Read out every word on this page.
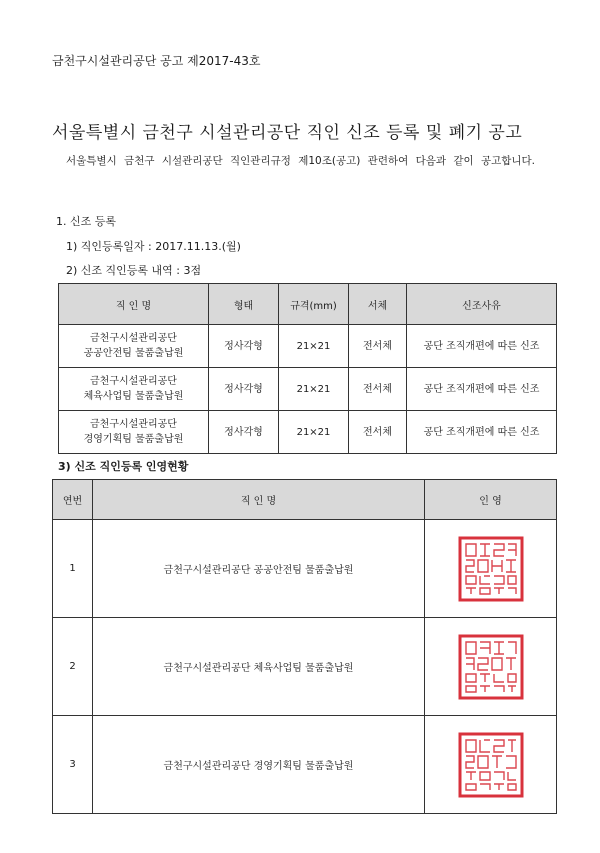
금천구시설관리공단 공고 제2017-43호
서울특별시 금천구 시설관리공단 직인 신조 등록 및 폐기 공고
서울특별시 금천구 시설관리공단 직인관리규정 제10조(공고) 관련하여 다음과 같이 공고합니다.
1. 신조 등록
1) 직인등록일자 : 2017.11.13.(월)
2) 신조 직인등록 내역 : 3점
직 인 명	형태	규격(mm)	서체	신조사유
금천구시설관리공단
공공안전팀 물품출납원	정사각형	21×21	전서체	공단 조직개편에 따른 신조
금천구시설관리공단
체육사업팀 물품출납원	정사각형	21×21	전서체	공단 조직개편에 따른 신조
금천구시설관리공단
경영기획팀 물품출납원	정사각형	21×21	전서체	공단 조직개편에 따른 신조
3) 신조 직인등록 인영현황
연번	직 인 명	인 영
1	금천구시설관리공단 공공안전팀 물품출납원	

2	금천구시설관리공단 체육사업팀 물품출납원	

3	금천구시설관리공단 경영기획팀 물품출납원	
